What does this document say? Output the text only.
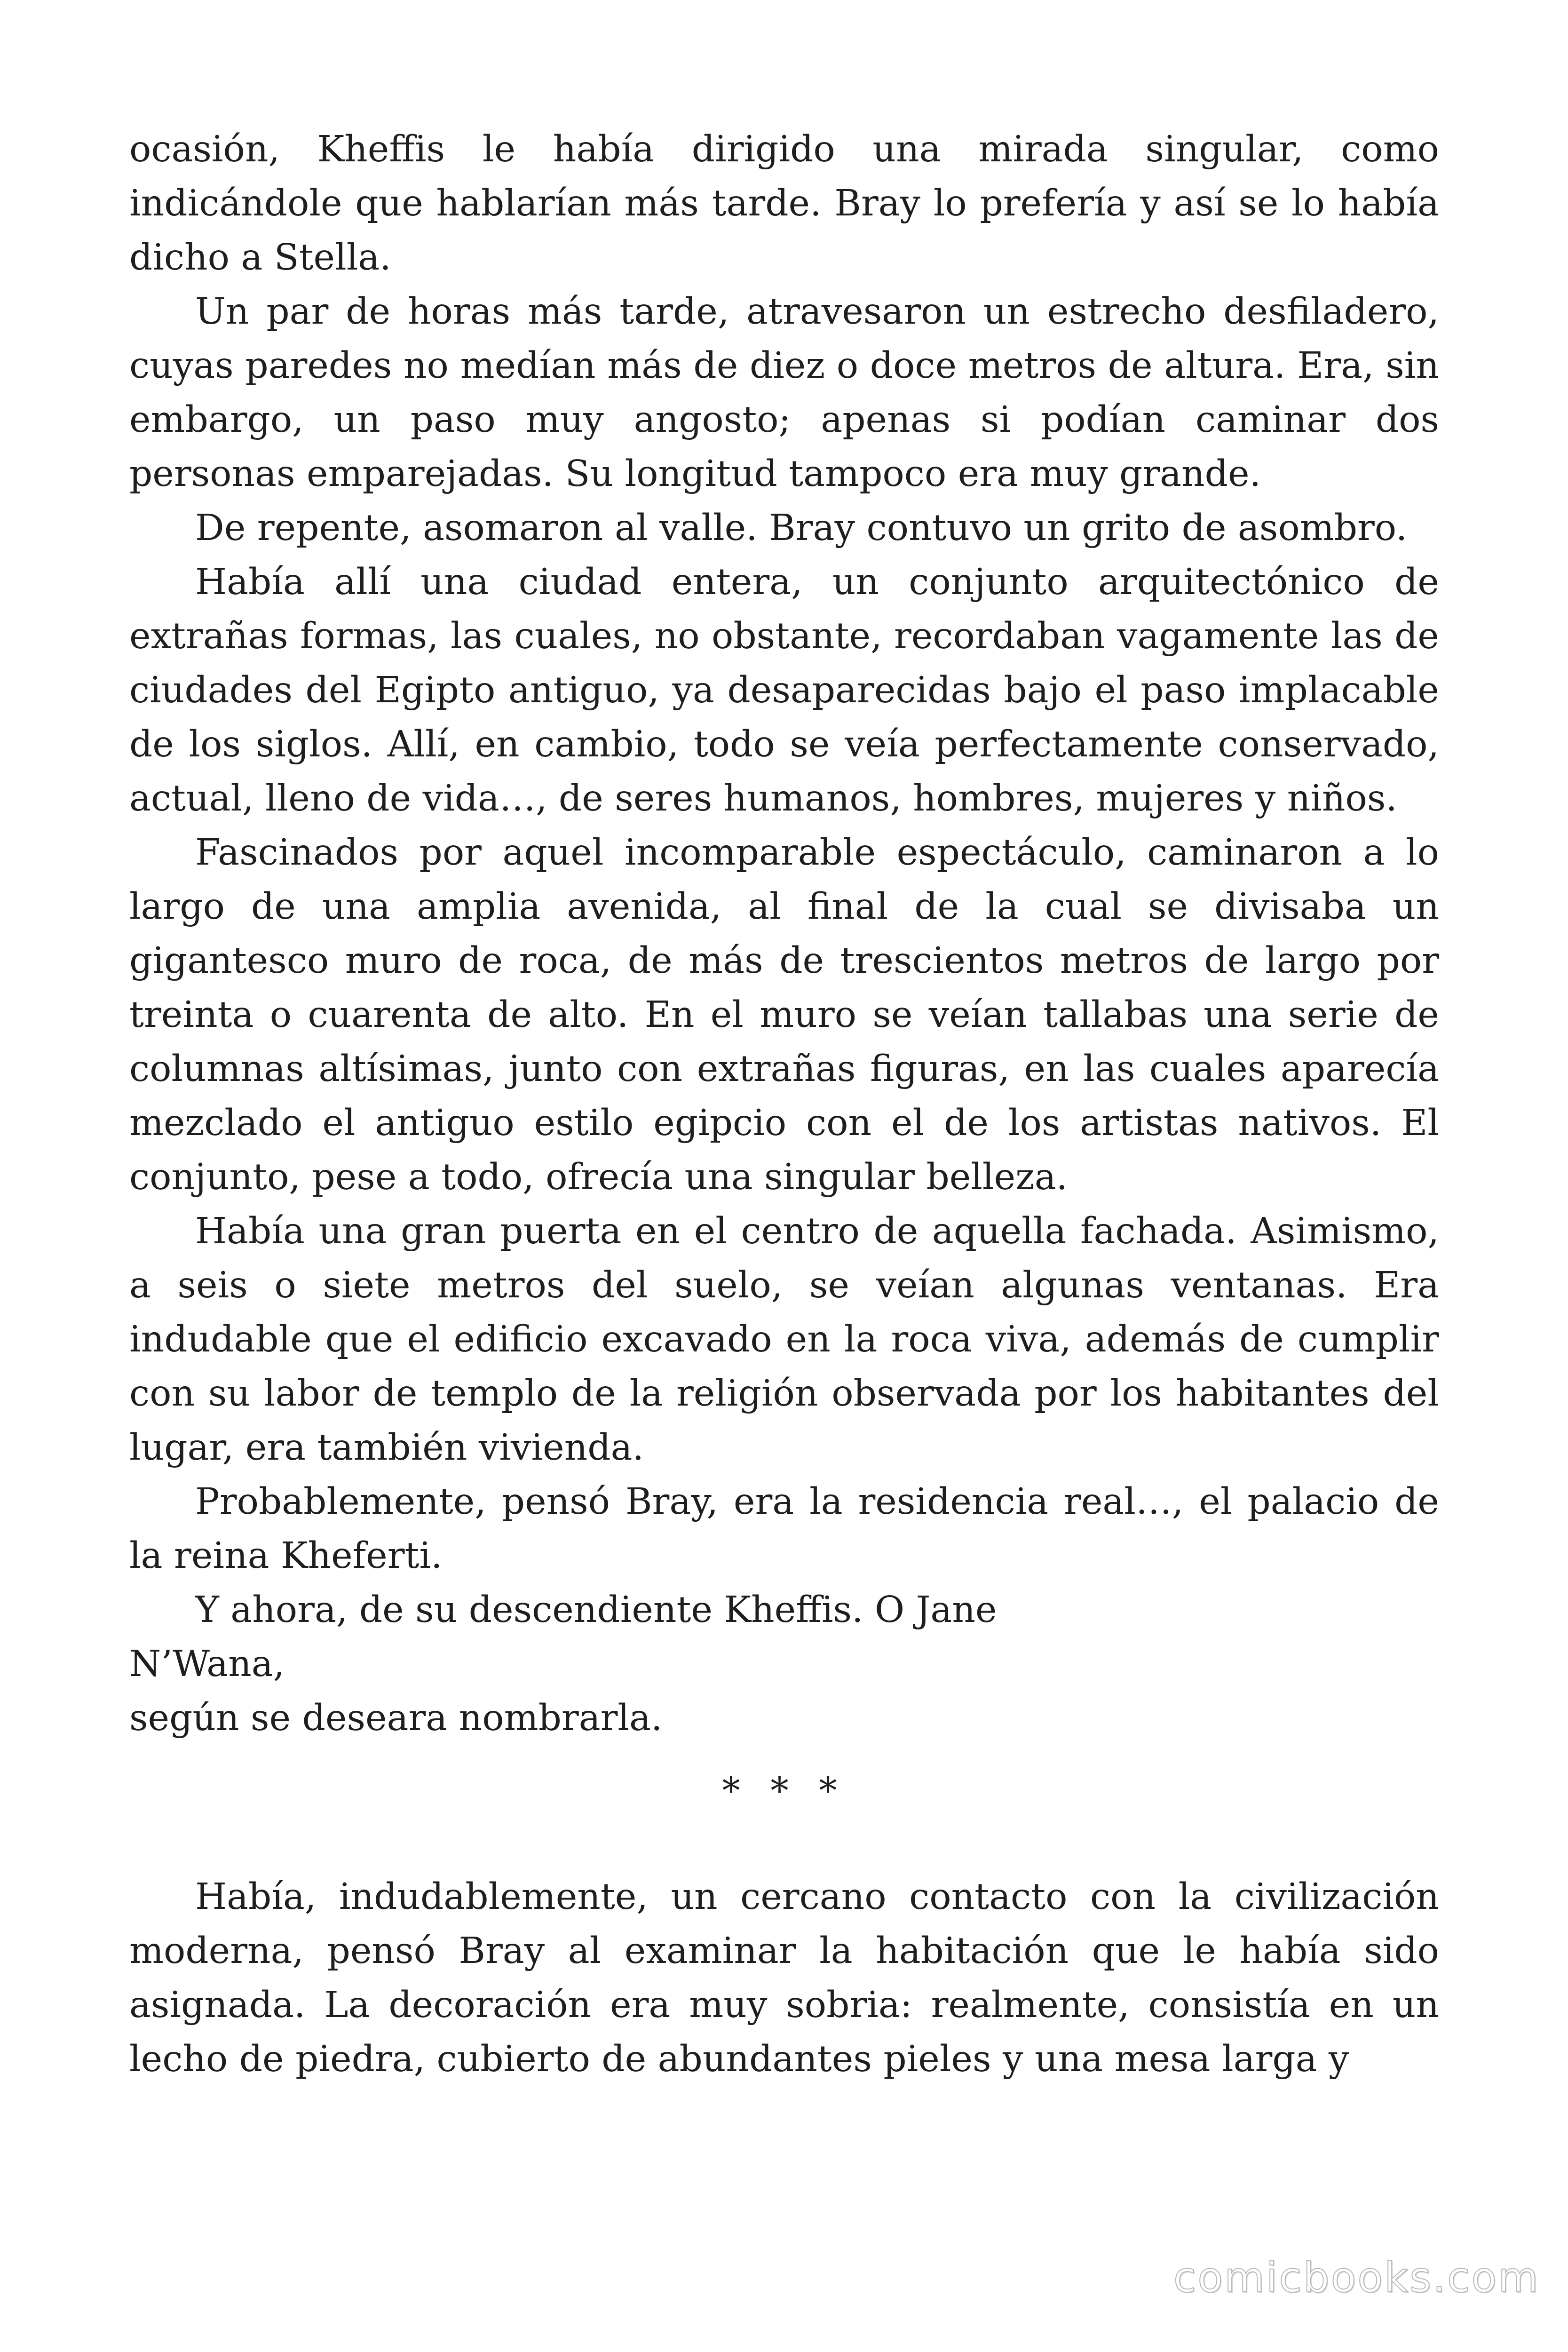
ocasión, Kheffis le había dirigido una mirada singular, como indicándole que hablarían más tarde. Bray lo prefería y así se lo había dicho a Stella.

Un par de horas más tarde, atravesaron un estrecho desfiladero, cuyas paredes no medían más de diez o doce metros de altura. Era, sin embargo, un paso muy angosto; apenas si podían caminar dos personas emparejadas. Su longitud tampoco era muy grande.

De repente, asomaron al valle. Bray contuvo un grito de asombro.

Había allí una ciudad entera, un conjunto arquitectónico de extrañas formas, las cuales, no obstante, recordaban vagamente las de ciudades del Egipto antiguo, ya desaparecidas bajo el paso implacable de los siglos. Allí, en cambio, todo se veía perfectamente conservado, actual, lleno de vida…, de seres humanos, hombres, mujeres y niños.

Fascinados por aquel incomparable espectáculo, caminaron a lo largo de una amplia avenida, al final de la cual se divisaba un gigantesco muro de roca, de más de trescientos metros de largo por treinta o cuarenta de alto. En el muro se veían tallabas una serie de columnas altísimas, junto con extrañas figuras, en las cuales aparecía mezclado el antiguo estilo egipcio con el de los artistas nativos. El conjunto, pese a todo, ofrecía una singular belleza.

Había una gran puerta en el centro de aquella fachada. Asimismo, a seis o siete metros del suelo, se veían algunas ventanas. Era indudable que el edificio excavado en la roca viva, además de cumplir con su labor de templo de la religión observada por los habitantes del lugar, era también vivienda.

Probablemente, pensó Bray, era la residencia real…, el palacio de la reina Kheferti.

Y ahora, de su descendiente Kheffis. O Jane
N’Wana,
según se deseara nombrarla.

* * *

Había, indudablemente, un cercano contacto con la civilización moderna, pensó Bray al examinar la habitación que le había sido asignada. La decoración era muy sobria: realmente, consistía en un lecho de piedra, cubierto de abundantes pieles y una mesa larga y

comicbooks.com
